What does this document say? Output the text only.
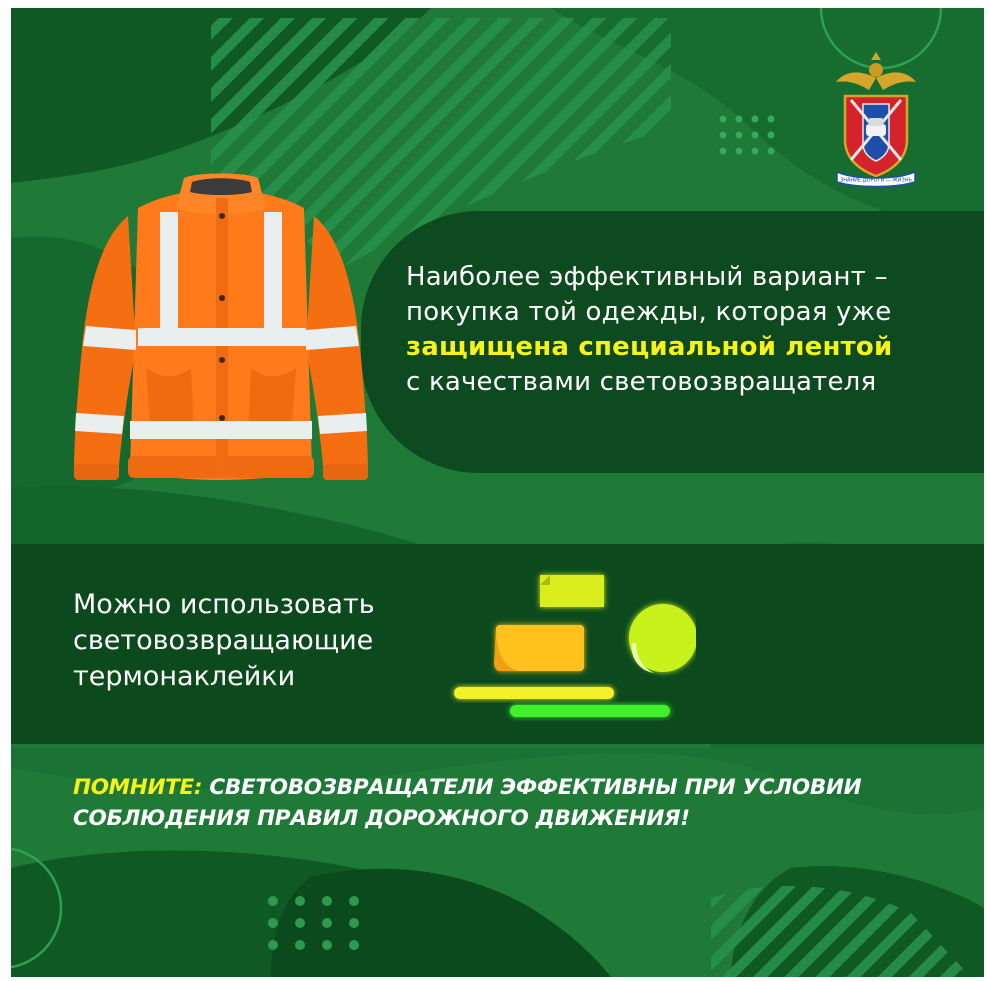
ЗНАНИЕ ДОРОГИ — ЖИЗНЬ
Наиболее эффективный вариант –
покупка той одежды, которая уже
защищена специальной лентой
с качествами световозвращателя
Можно использовать
световозвращающие
термонаклейки
ПОМНИТЕ: СВЕТОВОЗВРАЩАТЕЛИ ЭФФЕКТИВНЫ ПРИ УСЛОВИИ
СОБЛЮДЕНИЯ ПРАВИЛ ДОРОЖНОГО ДВИЖЕНИЯ!
